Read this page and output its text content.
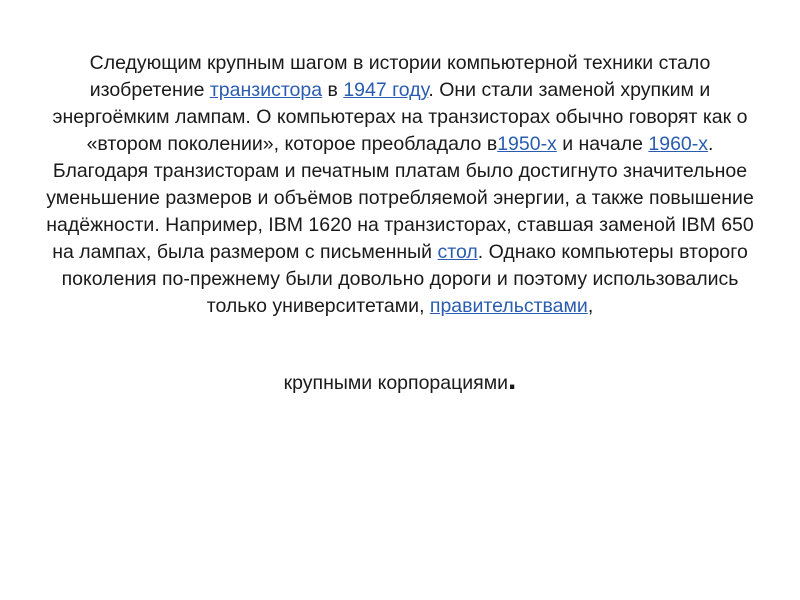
Следующим крупным шагом в истории компьютерной техники стало изобретение транзистора в 1947 году. Они стали заменой хрупким и энергоёмким лампам. О компьютерах на транзисторах обычно говорят как о «втором поколении», которое преобладало в1950-х и начале 1960-х. Благодаря транзисторам и печатным платам было достигнуто значительное уменьшение размеров и объёмов потребляемой энергии, а также повышение надёжности. Например, IBM 1620 на транзисторах, ставшая заменой IBM 650 на лампах, была размером с письменный стол. Однако компьютеры второго поколения по-прежнему были довольно дороги и поэтому использовались только университетами, правительствами,

крупными корпорациями.
